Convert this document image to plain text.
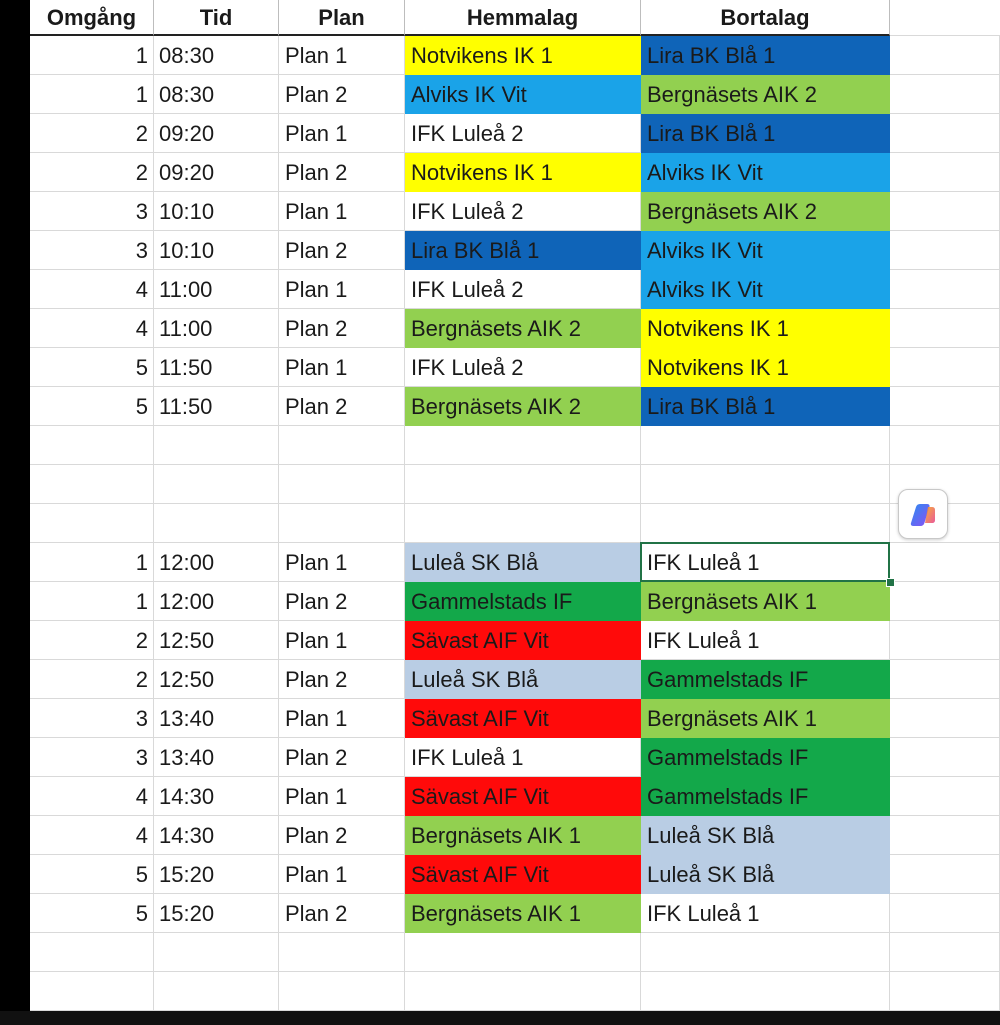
Omgång	Tid	Plan	Hemmalag	Bortalag
1 08:30	Plan 1	Notvikens IK 1	Lira BK Blå 1
1 08:30	Plan 2	Alviks IK Vit	Bergnäsets AIK 2
2 09:20	Plan 1	IFK Luleå 2	Lira BK Blå 1
2 09:20	Plan 2	Notvikens IK 1	Alviks IK Vit
3 10:10	Plan 1	IFK Luleå 2	Bergnäsets AIK 2
3 10:10	Plan 2	Lira BK Blå 1	Alviks IK Vit
4 11:00	Plan 1	IFK Luleå 2	Alviks IK Vit
4 11:00	Plan 2	Bergnäsets AIK 2	Notvikens IK 1
5 11:50	Plan 1	IFK Luleå 2	Notvikens IK 1
5 11:50	Plan 2	Bergnäsets AIK 2	Lira BK Blå 1
1 12:00	Plan 1	Luleå SK Blå	IFK Luleå 1
1 12:00	Plan 2	Gammelstads IF	Bergnäsets AIK 1
2 12:50	Plan 1	Sävast AIF Vit	IFK Luleå 1
2 12:50	Plan 2	Luleå SK Blå	Gammelstads IF
3 13:40	Plan 1	Sävast AIF Vit	Bergnäsets AIK 1
3 13:40	Plan 2	IFK Luleå 1	Gammelstads IF
4 14:30	Plan 1	Sävast AIF Vit	Gammelstads IF
4 14:30	Plan 2	Bergnäsets AIK 1	Luleå SK Blå
5 15:20	Plan 1	Sävast AIF Vit	Luleå SK Blå
5 15:20	Plan 2	Bergnäsets AIK 1	IFK Luleå 1
